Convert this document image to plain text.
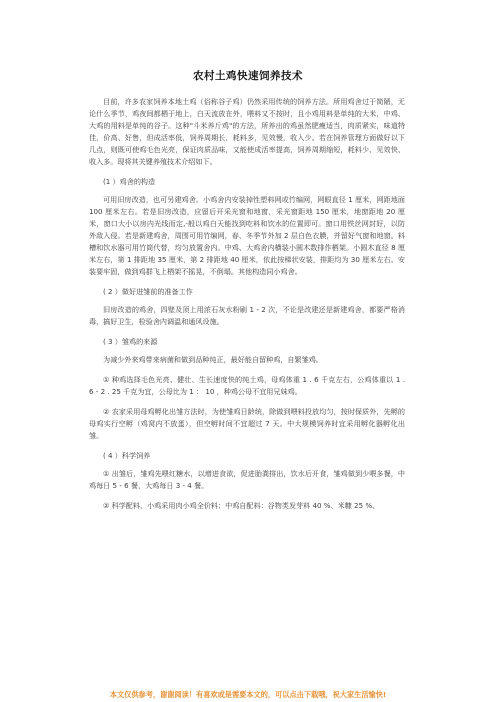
农村土鸡快速饲养技术

目前，许多农家饲养本地土鸡（俗称谷子鸡）仍然采用传统的饲养方法。所用鸡舍过于简陋，无论什么季节，鸡夜间都栖于地上，白天流放在外，喂料又不按时，且小鸡用料是单纯的大米，中鸡、大鸡的用料是单纯的谷子。这种"斗米养斤鸡"的方法，所养出的鸡虽然肥瘦适当，肉质紧实，味道特佳，价高、好售，但成活率低，饲养周期长，耗料多，见效慢，收入少。若在饲养管理方面做好以下几点，则既可使鸡毛色光亮，保证肉质品味，又能使成活率提高，饲养周期缩短，耗料少、见效快、收入多。现将其关键养殖技术介绍如下。

(1 ）鸡舍的构造

可用旧房改造，也可另建鸡舍。小鸡舍内安装掉性塑料网或竹编网，网眼直径 1 厘米，网距地面 100 厘米左右。若是旧房改造，应留后开采光窗和地窗，采光窗距地 150 厘米，地窗距地 20 厘米，窗口大小以房内光线而定,-般以鸡白天能找到吃料和饮水的位置即可。窗口用铁丝网封好，以防外敌入侵。若是新建鸡舍，周围可用竹编网，春、冬季节外加 2 层白色衣膜，并留好气窗和地窗。料槽和饮水器可用竹筒代替，均匀放置舍内。中鸡、大鸡舍内横装小圆木数排作栖架。小圆木直径 8 厘米左右，第 1 排距地 35 厘米，第 2 排距地 40 厘米，依此按梯状安装，排距均为 30 厘米左右。安装要牢固，做到鸡群飞上栖架不摇晃，不倒塌。其他构造同小鸡舍。

( 2 ）做好进雏前的准备工作

旧房改造的鸡舍，四壁及顶上用浓石灰水粉刷 1 - 2 次，不论是改建还是新建鸡舍，都要严格消毒，搞好卫生，检验舍内调温和通风设施。

( 3 ）雏鸡的来源

为减少外来鸡带来病菌和做到品种纯正，最好能自留种鸡，自繁雏鸡。

① 种鸡选择毛色光亮、健壮、生长速度快的纯土鸡，母鸡体重 1 . 6 千克左右，公鸡体重以 1 . 6 - 2 . 25 千克为宜，公母比为 1 ： 10 ，种鸡公母不宜用兄妹鸡。

② 农家采用母鸡孵化出雏方法时，为使雏鸡日龄统，除做到喂料投放均匀，按时保质外，先孵的母鸡实行空孵（鸡窝内不放蛋），但空孵时间不宜超过 7 天。中大规模饲养时宜采用孵化器孵化出雏。

( 4 ）科学饲养

① 出雏后，雏鸡先喂红糖水，以增进食欲，促进胎粪排出，饮水后开食，雏鸡做到少喂多餐，中鸡每日 5 - 6 餐，大鸡每日 3 - 4 餐。

② 科学配料，小鸡采用肉小鸡全价料；中鸡自配料：谷物类发芽料 40 %、米糠 25 %、

本文仅供参考，谢谢阅读！有喜欢或是需要本文的，可以点击下载哦，祝大家生活愉快!
